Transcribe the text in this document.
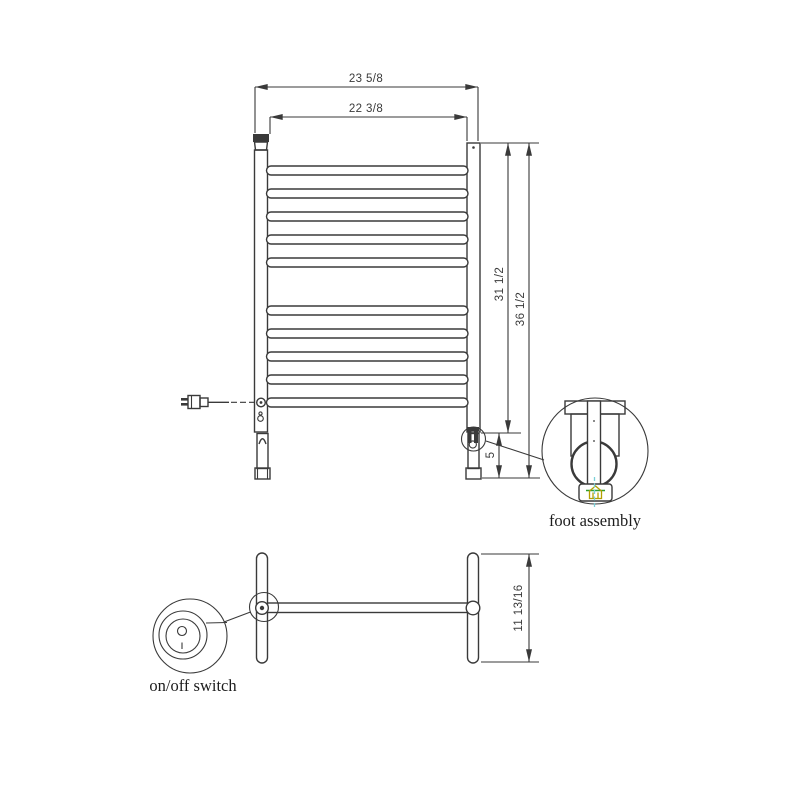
23 5/8
22 3/8
31 1/2
36 1/2
5
foot assembly
11 13/16
on/off switch
